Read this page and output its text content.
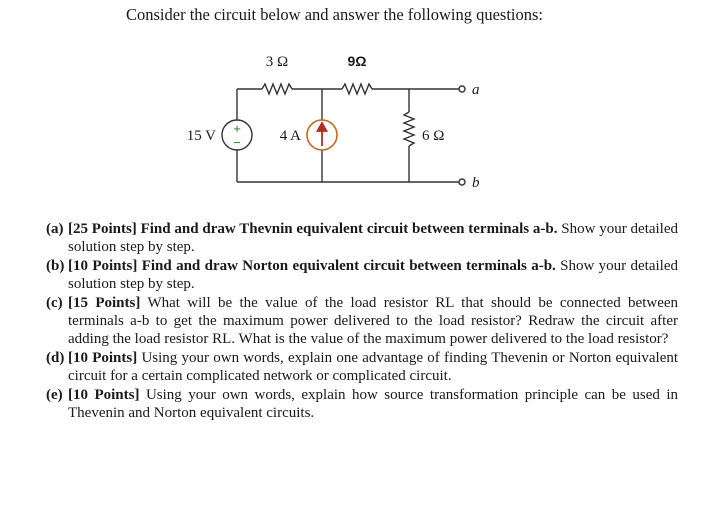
Consider the circuit below and answer the following questions:

+
−
3 Ω	9Ω
6 Ω
15 V	4 A
a
b
(a) [25 Points] Find and draw Thevnin equivalent circuit between terminals a-b. Show your detailed solution step by step.
(b) [10 Points] Find and draw Norton equivalent circuit between terminals a-b. Show your detailed solution step by step.
(c) [15 Points] What will be the value of the load resistor RL that should be connected between terminals a-b to get the maximum power delivered to the load resistor? Redraw the circuit after adding the load resistor RL. What is the value of the maximum power delivered to the load resistor?
(d) [10 Points] Using your own words, explain one advantage of finding Thevenin or Norton equivalent circuit for a certain complicated network or complicated circuit.
(e) [10 Points] Using your own words, explain how source transformation principle can be used in Thevenin and Norton equivalent circuits.
